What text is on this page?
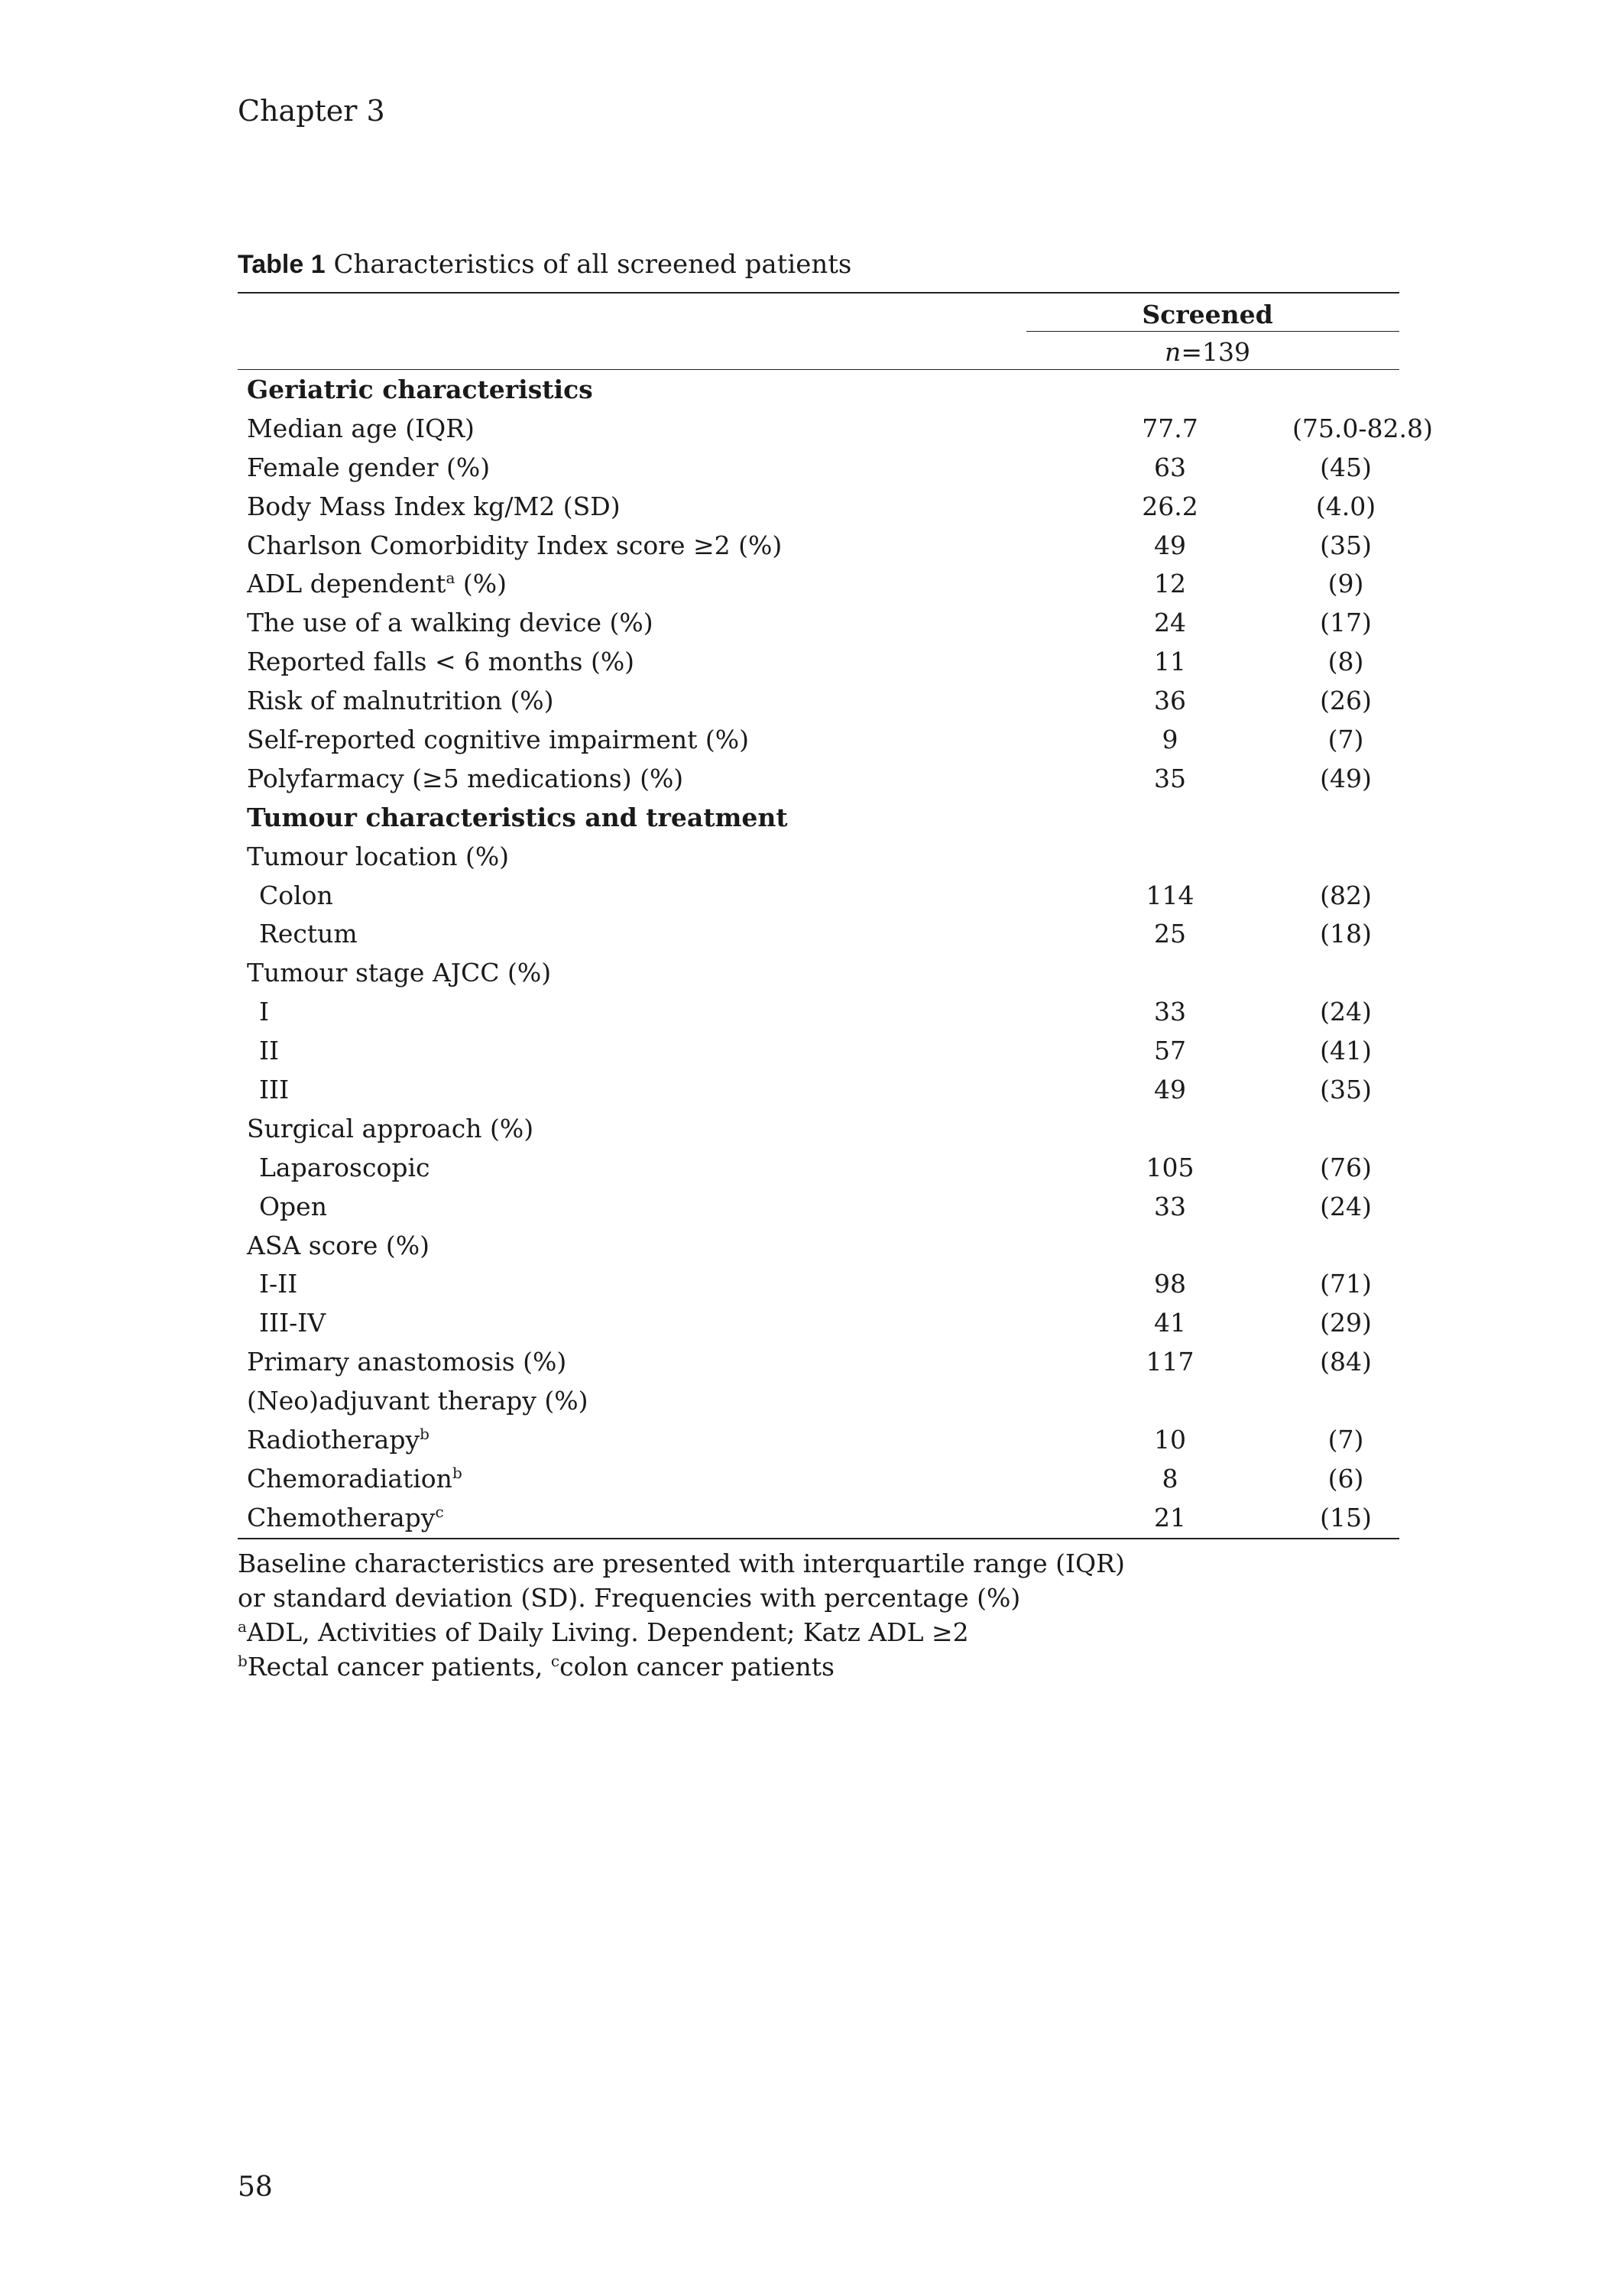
Chapter 3
Table 1 Characteristics of all screened patients
Screened
n=139
Geriatric characteristics
Median age (IQR)	77.7	(75.0-82.8)
Female gender (%)	63	(45)
Body Mass Index kg/M2 (SD)	26.2	(4.0)
Charlson Comorbidity Index score ≥2 (%)	49	(35)
ADL dependent$^a$ (%)	12	(9)
The use of a walking device (%)	24	(17)
Reported falls < 6 months (%)	11	(8)
Risk of malnutrition (%)	36	(26)
Self-reported cognitive impairment (%)	9	(7)
Polyfarmacy (≥5 medications) (%)	35	(49)
Tumour characteristics and treatment
Tumour location (%)
Colon	114	(82)
Rectum	25	(18)
Tumour stage AJCC (%)
I	33	(24)
II	57	(41)
III	49	(35)
Surgical approach (%)
Laparoscopic	105	(76)
Open	33	(24)
ASA score (%)
I-II	98	(71)
III-IV	41	(29)
Primary anastomosis (%)	117	(84)
(Neo)adjuvant therapy (%)
Radiotherapy$^b$	10	(7)
Chemoradiation$^b$	8	(6)
Chemotherapy$^c$	21	(15)
Baseline characteristics are presented with interquartile range (IQR)
or standard deviation (SD). Frequencies with percentage (%)
$^a$ADL, Activities of Daily Living. Dependent; Katz ADL ≥2
$^b$Rectal cancer patients, $^c$colon cancer patients
58
